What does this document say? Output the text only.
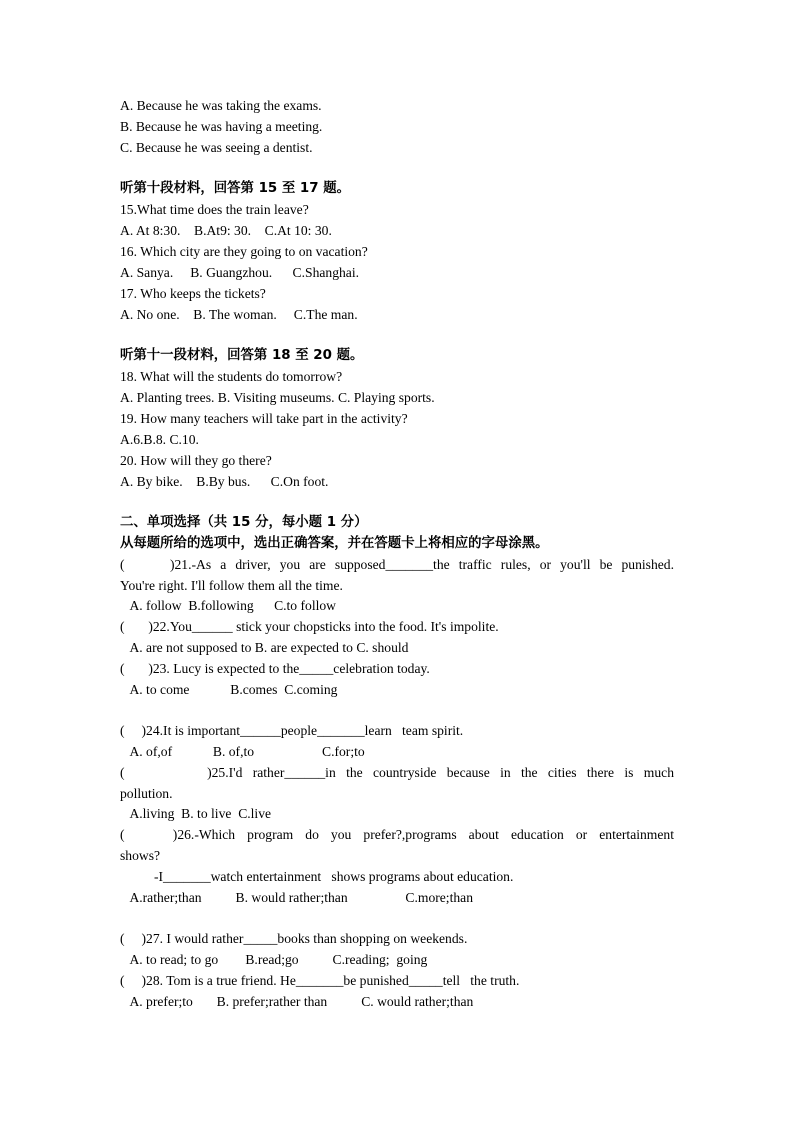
A. Because he was taking the exams.
B. Because he was having a meeting.
C. Because he was seeing a dentist.
听第十段材料，回答第 15 至 17 题。
15.What time does the train leave?
A. At 8:30.    B.At9: 30.    C.At 10: 30.
16. Which city are they going to on vacation?
A. Sanya.     B. Guangzhou.      C.Shanghai.
17. Who keeps the tickets?
A. No one.    B. The woman.     C.The man.
听第十一段材料，回答第 18 至 20 题。
18. What will the students do tomorrow?
A. Planting trees. B. Visiting museums. C. Playing sports.
19. How many teachers will take part in the activity?
A.6.B.8. C.10.
20. How will they go there?
A. By bike.    B.By bus.      C.On foot.
二、单项选择（共 15 分，每小题 1 分）
从每题所给的选项中，选出正确答案，并在答题卡上将相应的字母涂黑。
(     )21.-As a driver, you are supposed_______the traffic rules, or you'll be punished.
You're right. I'll follow them all the time.
A. follow  B.following      C.to follow
(       )22.You______ stick your chopsticks into the food. It's impolite.
A. are not supposed to B. are expected to C. should
(       )23. Lucy is expected to the_____celebration today.
A. to come            B.comes  C.coming
(     )24.It is important______people_______learn   team spirit.
A. of,of            B. of,to                    C.for;to
(        )25.I'd rather______in the countryside because in the cities there is much
pollution.
A.living  B. to live  C.live
(    )26.-Which program do you prefer?,programs about education or entertainment
shows?
-I_______watch entertainment   shows programs about education.
A.rather;than          B. would rather;than                 C.more;than
(     )27. I would rather_____books than shopping on weekends.
A. to read; to go        B.read;go          C.reading;  going
(     )28. Tom is a true friend. He_______be punished_____tell   the truth.
A. prefer;to       B. prefer;rather than          C. would rather;than
